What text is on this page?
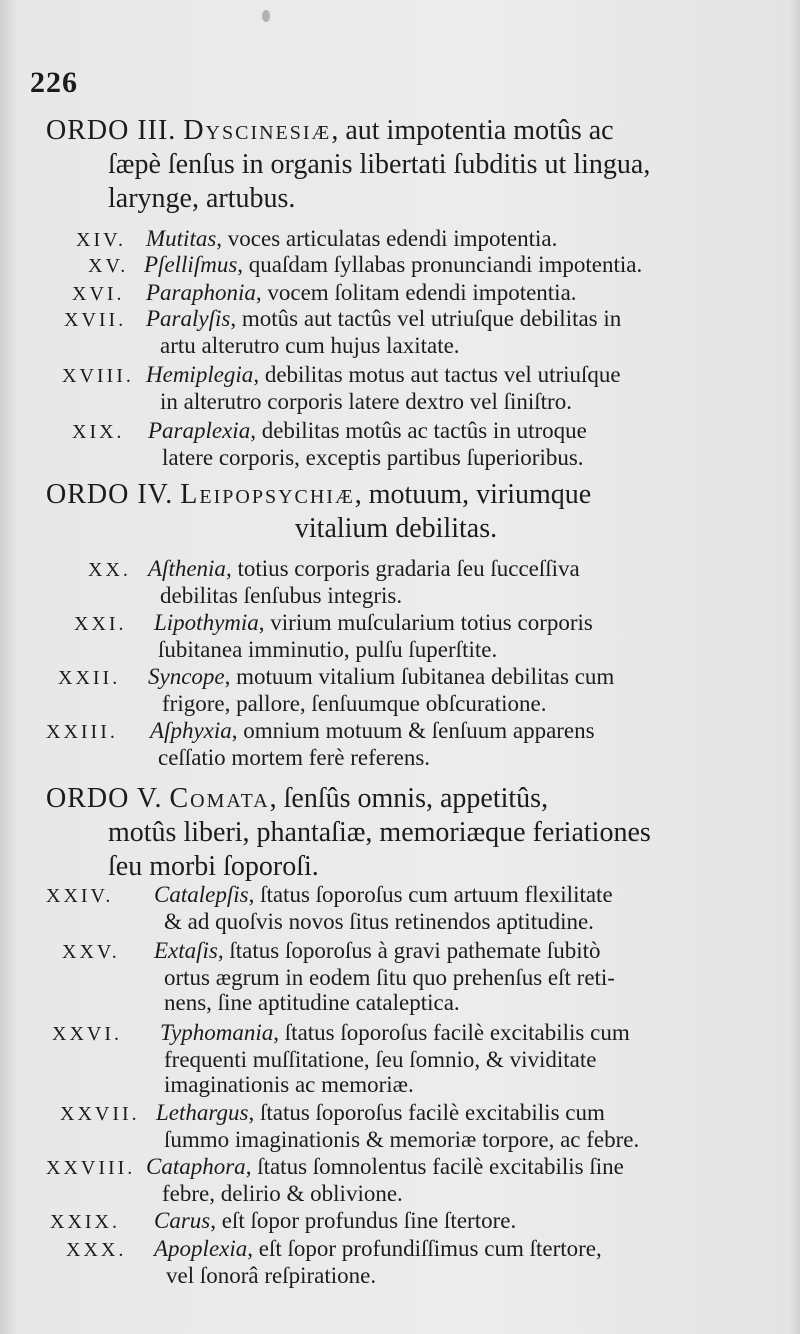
226
ORDO III. Dyscinesiæ, aut impotentia motûs ac
ſæpè ſenſus in organis libertati ſubditis ut lingua,
larynge, artubus.
XIV. Mutitas, voces articulatas edendi impotentia.
XV. Pſelliſmus, quaſdam ſyllabas pronunciandi impotentia.
XVI. Paraphonia, vocem ſolitam edendi impotentia.
XVII. Paralyſis, motûs aut tactûs vel utriuſque debilitas in
artu alterutro cum hujus laxitate.
XVIII. Hemiplegia, debilitas motus aut tactus vel utriuſque
in alterutro corporis latere dextro vel ſiniſtro.
XIX. Paraplexia, debilitas motûs ac tactûs in utroque
latere corporis, exceptis partibus ſuperioribus.
ORDO IV. Leipopsychiæ, motuum, viriumque
vitalium debilitas.
XX. Aſthenia, totius corporis gradaria ſeu ſucceſſiva
debilitas ſenſubus integris.
XXI. Lipothymia, virium muſcularium totius corporis
ſubitanea imminutio, pulſu ſuperſtite.
XXII. Syncope, motuum vitalium ſubitanea debilitas cum
frigore, pallore, ſenſuumque obſcuratione.
XXIII. Aſphyxia, omnium motuum & ſenſuum apparens
ceſſatio mortem ferè referens.
ORDO V. Comata, ſenſûs omnis, appetitûs,
motûs liberi, phantaſiæ, memoriæque feriationes
ſeu morbi ſoporoſi.
XXIV. Catalepſis, ſtatus ſoporoſus cum artuum flexilitate
& ad quoſvis novos ſitus retinendos aptitudine.
XXV. Extaſis, ſtatus ſoporoſus à gravi pathemate ſubitò
ortus ægrum in eodem ſitu quo prehenſus eſt reti-
nens, ſine aptitudine cataleptica.
XXVI. Typhomania, ſtatus ſoporoſus facilè excitabilis cum
frequenti muſſitatione, ſeu ſomnio, & vividitate
imaginationis ac memoriæ.
XXVII. Lethargus, ſtatus ſoporoſus facilè excitabilis cum
ſummo imaginationis & memoriæ torpore, ac febre.
XXVIII. Cataphora, ſtatus ſomnolentus facilè excitabilis ſine
febre, delirio & oblivione.
XXIX. Carus, eſt ſopor profundus ſine ſtertore.
XXX. Apoplexia, eſt ſopor profundiſſimus cum ſtertore,
vel ſonorâ reſpiratione.
